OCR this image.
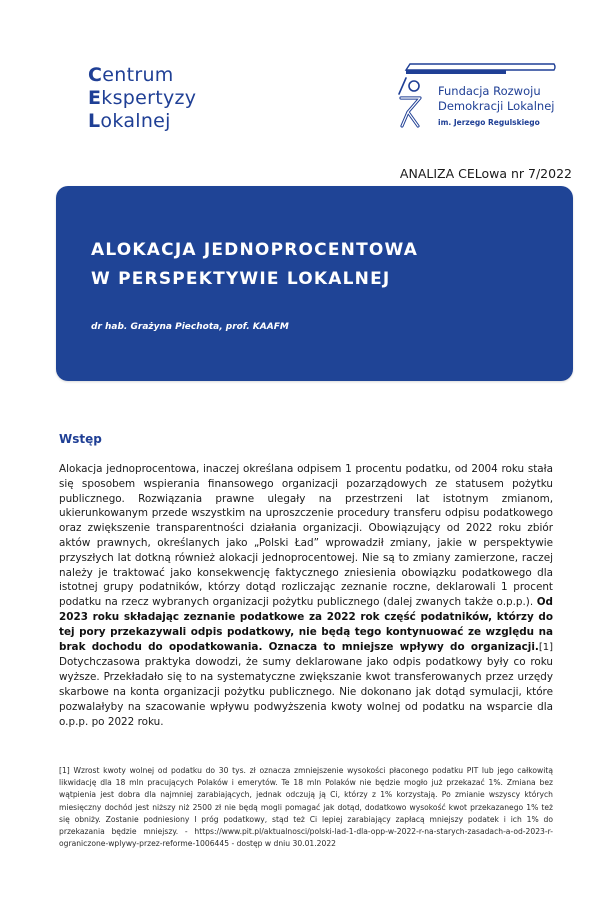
Centrum
Ekspertyzy
Lokalnej
Fundacja Rozwoju
Demokracji Lokalnej
im. Jerzego Regulskiego
ANALIZA CELowa nr 7/2022
ALOKACJA JEDNOPROCENTOWA
W PERSPEKTYWIE LOKALNEJ
dr hab. Grażyna Piechota, prof. KAAFM
Wstęp
Alokacja jednoprocentowa, inaczej określana odpisem 1 procentu podatku, od 2004 roku stała się sposobem wspierania finansowego organizacji pozarządowych ze statusem pożytku publicznego. Rozwiązania prawne ulegały na przestrzeni lat istotnym zmianom, ukierunkowanym przede wszystkim na uproszczenie procedury transferu odpisu podatkowego oraz zwiększenie transparentności działania organizacji. Obowiązujący od 2022 roku zbiór aktów prawnych, określanych jako „Polski Ład” wprowadził zmiany, jakie w perspektywie przyszłych lat dotkną również alokacji jednoprocentowej. Nie są to zmiany zamierzone, raczej należy je traktować jako konsekwencję faktycznego zniesienia obowiązku podatkowego dla istotnej grupy podatników, którzy dotąd rozliczając zeznanie roczne, deklarowali 1 procent podatku na rzecz wybranych organizacji pożytku publicznego (dalej zwanych także o.p.p.). Od 2023 roku składając zeznanie podatkowe za 2022 rok część podatników, którzy do tej pory przekazywali odpis podatkowy, nie będą tego kontynuować ze względu na brak dochodu do opodatkowania. Oznacza to mniejsze wpływy do organizacji.[1] Dotychczasowa praktyka dowodzi, że sumy deklarowane jako odpis podatkowy były co roku wyższe. Przekładało się to na systematyczne zwiększanie kwot transferowanych przez urzędy skarbowe na konta organizacji pożytku publicznego. Nie dokonano jak dotąd symulacji, które pozwalałyby na szacowanie wpływu podwyższenia kwoty wolnej od podatku na wsparcie dla o.p.p. po 2022 roku.
[1] Wzrost kwoty wolnej od podatku do 30 tys. zł oznacza zmniejszenie wysokości płaconego podatku PIT lub jego całkowitą likwidację dla 18 mln pracujących Polaków i emerytów. Te 18 mln Polaków nie będzie mogło już przekazać 1%. Zmiana bez wątpienia jest dobra dla najmniej zarabiających, jednak odczują ją Ci, którzy z 1% korzystają. Po zmianie wszyscy których miesięczny dochód jest niższy niż 2500 zł nie będą mogli pomagać jak dotąd, dodatkowo wysokość kwot przekazanego 1% też się obniży. Zostanie podniesiony I próg podatkowy, stąd też Ci lepiej zarabiający zapłacą mniejszy podatek i ich 1% do przekazania będzie mniejszy. - https://www.pit.pl/aktualnosci/polski-lad-1-dla-opp-w-2022-r-na-starych-zasadach-a-od-2023-r-ograniczone-wplywy-przez-reforme-1006445 - dostęp w dniu 30.01.2022
